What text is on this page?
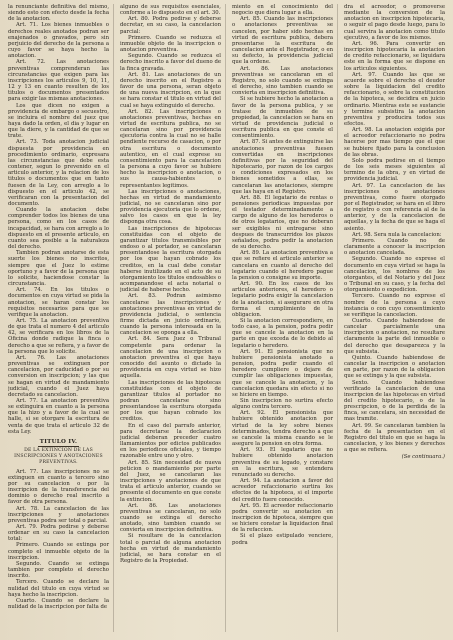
la renunciante definitiva del mismo, siendo esto con efecto desde la fecha de la anotacion.

Art. 71. Los bienes inmuebles o derechos reales anotados podran ser enajenados o gravados, pero sin perjuicio del derecho de la persona a cuyo favor se haya hecho la anotacion.

Art. 72. Las anotaciones preventivas comprenderan las circunstancias que exigen para las inscripciones los articulos 9, 10, 11, 12 y 13 en cuanto resulten de los titulos o documentos presentados para exigir las mismas anotaciones.

Los que dicen no exigen a providencia de embargo o secuestro, se incluira el nombre del juez que haya dado la orden, el dia y lugar en que la diere, y la cantidad de que se trate.

Art. 73. Toda anotacion judicial dispuesta por providencia en procedimiento ordinario, expresara las circunstancias que debe esta contener, segun lo prevenido en el articulo anterior, y la relacion de los titulos o documentos que en tanto fuesen de la Ley, con arreglo a lo dispuesto en el articulo 42, se verificaran con la presentacion del documento.

Cuando la anotacion debe comprender todos los bienes de una persona, como en los casos de incapacidad, se hara con arreglo a lo dispuesto en el presente articulo, en cuanto sea posible a la naturaleza del derecho.

Tambien podran anotarse de esta suerte los bienes no inscritos, siempre que el Juez lo estime oportuno y a favor de la persona que lo solicite, haciendose constar la circunstancia.

Art. 74. En los titulos o documentos en cuya virtud se pida la anotacion, se haran constar los requisitos necesarios para que se verifique la anotacion.

Art. 75. La anotacion preventiva de que trata el numero 4 del articulo 42, se verificara en los libros de la Oficina donde radique la finca o derecho a que se refiera, y a favor de la persona que lo solicite.

Art. 76. Las anotaciones preventivas se extinguen por cancelacion, por caducidad o por su conversion en inscripcion; y las que se hagan en virtud de mandamiento judicial, cuando el Juez haya decretado su cancelacion.

Art. 77. La anotacion preventiva se extinguira en cuanto a la persona que la hizo y a favor de la cual se halle, si se otorgare la escritura de venta de que trata el articulo 32 de esta Ley.

TITULO IV.
DE LA EXTINCION DE LAS INSCRIPCIONES Y ANOTACIONES PREVENTIVAS.

Art. 77. Las inscripciones no se extinguen en cuanto a tercero sino por su cancelacion o por la inscripcion de la transferencia del dominio o derecho real inscrito a favor de otra persona.

Art. 78. La cancelacion de las inscripciones y anotaciones preventivas podra ser total o parcial.

Art. 79. Podra pedirse y deberse ordenar en su caso la cancelacion total:

Primero. Cuando se extinga por completo el inmueble objeto de la inscripcion.

Segundo. Cuando se extinga tambien por completo el derecho inscrito.

Tercero. Cuando se declare la nulidad del titulo en cuya virtud se haya hecho la inscripcion.

Cuarto. Cuando se declare la nulidad de la inscripcion por falta de

alguno de sus requisitos esenciales, conforme a lo dispuesto en el art. 30.

Art. 80. Podra pedirse y deberse decretar, en su caso, la cancelacion parcial:

Primero. Cuando se reduzca el inmueble objeto de la inscripcion o anotacion preventiva.

Segundo. Cuando se reduzca el derecho inscrito a favor del dueno de la finca gravada.

Art. 81. Las anotaciones de un derecho inscrito en el Registro a favor de una persona, seran objeto de una nueva inscripcion, en la que se hara constar el titulo en virtud del cual se haya extinguido el derecho.

Art. 82. Las inscripciones o anotaciones preventivas, hechas en virtud de escritura publica, no se cancelaran sino por providencia ejecutoria contra la cual no se halle pendiente recurso de casacion, o por otra escritura o documento autentico, en el cual exprese su consentimiento para la cancelacion la persona a cuyo favor se hubiere hecho la inscripcion o anotacion, o sus causa-habientes o representantes legitimos.

Las inscripciones o anotaciones, hechas en virtud de mandamiento judicial, no se cancelaran sino por providencia ejecutoria que lo ordene, salvo los casos en que la ley disponga otra cosa.

Las inscripciones de hipotecas constituidas con el objeto de garantizar titulos transmisibles por endoso o al portador, se cancelaran presentandose la escritura otorgada por los que hayan cobrado los creditos, en la cual debe constar haberse inutilizado en el acto de su otorgamiento los titulos endosables o acompanandose el acta notarial o judicial de haberse hecho.

Art. 83. Podran asimismo cancelarse las inscripciones y anotaciones preventivas en virtud de providencia judicial, o sentencia firme dictada en juicio ordinario, cuando la persona interesada en la cancelacion se oponga a ella.

Art. 84. Sera Juez o Tribunal competente para ordenar la cancelacion de una inscripcion o anotacion preventiva el que haya conocido del asunto o dictado la providencia en cuya virtud se hizo aquella.

Las inscripciones de las hipotecas constituidas con el objeto de garantizar titulos al portador no podran cancelarse sino presentandose la escritura otorgada por los que hayan cobrado los creditos.

En el caso del parrafo anterior, para decretarse la declaracion judicial deberan preceder cuatro llamamientos por edictos publicados en los periodicos oficiales, y tiempo razonable entre uno y otro.

Art. 85. Sin necesidad de nueva peticion o mandamiento por parte del Juez, se cancelaran las inscripciones y anotaciones de que trata el articulo anterior, cuando se presente el documento en que conste la extincion.

Art. 86. Las anotaciones preventivas se cancelaran, no solo cuando se extinga el derecho anotado, sino tambien cuando se convierta en inscripcion definitiva.

Si resultare de la cancelacion total o parcial de alguna anotacion hecha en virtud de mandamiento judicial, se hara constar en el Registro de la Propiedad.

miento en el conocimiento del negocio que diera lugar a ella.

Art. 85. Cuando las inscripciones o anotaciones preventivas se cancelen, por haber sido hechas en virtud de escritura publica, debera presentarse la escritura de cancelacion ante el Registrador, o en su defecto, la providencia judicial que la ordene.

Art. 86. Las anotaciones preventivas se cancelaran en el Registro, no solo cuando se extinga el derecho, sino tambien cuando se convierta en inscripcion definitiva.

Si se hubiere hecho la anotacion a favor de la persona publica, y se tratase de inmuebles de su propiedad, la cancelacion se hara en virtud de providencia judicial o escritura publica en que conste el consentimiento.

Art. 87. Si antes de extinguirse las anotaciones preventivas fuesen convertidas en inscripciones definitivas por la seguridad del hipotecario, por razon de los cargos o condiciones expresados en los bienes sometidos a ellas, se cancelaran las anotaciones, siempre que las haya en el Registro.

Art. 88. El legatario de rentas o pensiones periodicas impuestas por el testador determinadamente a cargo de alguno de los herederos o de otros legatarios, que no deberan ser exigibles ni entregarse sino despues de transcurridos los plazos señalados, podra pedir la anotacion de su derecho.

Art. 89. La anotacion preventiva a que se refiere el articulo anterior se cancelara en cuanto al derecho del legatario cuando el heredero pague la pension o consigne su importe.

Art. 90. En los casos de los articulos anteriores, el heredero o legatario podra exigir la cancelacion de la anotacion, si asegurare en otra forma el cumplimiento de la obligacion.

Si la anotacion correspondiere, en todo caso, a la pension, podra pedir que se cancele la anotacion en la parte en que exceda de lo debido al legatario o heredero.

Art. 91. El pensionista que no hubiere pensionista anotado a pension, podra pedir cuando el heredero cumpliere o dejare de cumplir las obligaciones impuestas, que se cancele la anotacion, y la cancelacion quedara sin efecto si no se hiciere en tiempo.

Sin inscripcion no surtira efecto alguno contra tercero.

Art. 92. El pensionista que hubiere obtenido anotacion por virtud de la ley sobre bienes determinados, tendra derecho a que se cancele la misma cuando se le asegure la pension en otra forma.

Art. 93. El legatario que no hubiere obtenido anotacion preventiva de su legado, y constare en la escritura, se entendera renunciado su derecho.

Art. 94. La anotacion a favor del acreedor refaccionario surtira los efectos de la hipoteca, si el importe del credito fuere conocido.

Art. 95. El acreedor refaccionario podra convertir su anotacion en inscripcion de hipoteca, siempre que se hiciere constar la liquidacion final de la refaccion.

Si el plazo estipulado venciere, podra

dra el acreedor, o promoverse mediante la conversion de la anotacion en inscripcion hipotecaria, o seguir el pago desde luego, para lo cual servira la anotacion como titulo ejecutivo, a favor de los mismos.

Art. 96. Para convertir en inscripcion hipotecaria la anotacion de credito refaccionario, se liquidara este en la forma que se dispone en los articulos siguientes.

Art. 97. Cuando las que se acuerde sobre el derecho el deudor sobre la liquidacion del credito refaccionario, o sobre la constitucion de la hipoteca, se decidira en juicio ordinario. Mientras este se sustancie y termine subsistira la anotacion preventiva y producira todos sus efectos.

Art. 98. La anotacion exigida por el acreedor refaccionario no podra hacerse por mas tiempo que el que se hubiere fijado para la conclusion de las obras.

Solo podra pedirse en el tiempo de los seis meses siguientes al termino de la obra, y en virtud de providencia judicial.

Art. 97. La cancelacion de las inscripciones o anotaciones preventivas, como fuere otorgado por el Registrador, se hara en el libro de registro o con referencia al de la anterior, y de la cancelacion de aquellas, y la fecha de que se haga el asiento.

Art. 98. Sera nula la cancelacion:

Primero. Cuando no de claramente a conocer la inscripcion o anotacion cancelada.

Segundo. Cuando no exprese el documento en cuya virtud se haga la cancelacion, los nombres de los otorgantes, el del Notario y del Juez o Tribunal en su caso, y la fecha del otorgamiento o expedicion.

Tercero. Cuando no exprese el nombre de la persona a cuyo instancia o con cuyo consentimiento se verifique la cancelacion.

Cuarto. Cuando habiendose de cancelar parcialmente una inscripcion o anotacion, no resultare claramente la parte del inmueble o del derecho que desaparezca y la que subsista.

Quinto. Cuando habiendose de cancelar la inscripcion o anotacion en parte, por razon de la obligacion que se extinga y la que subsista.

Sexto. Cuando habiendose verificado la cancelacion de una inscripcion de las hipotecas en virtud del credito hipotecario, o de la prescripcion, o de la perdida de la finca, se cancelara, sin necesidad de mas tramite.

Art. 99. Se cancelaran tambien la fecha de la presentacion en el Registro del titulo en que se haga la cancelacion, y los bienes y derechos a que se refiera.

(Se continuara.)
